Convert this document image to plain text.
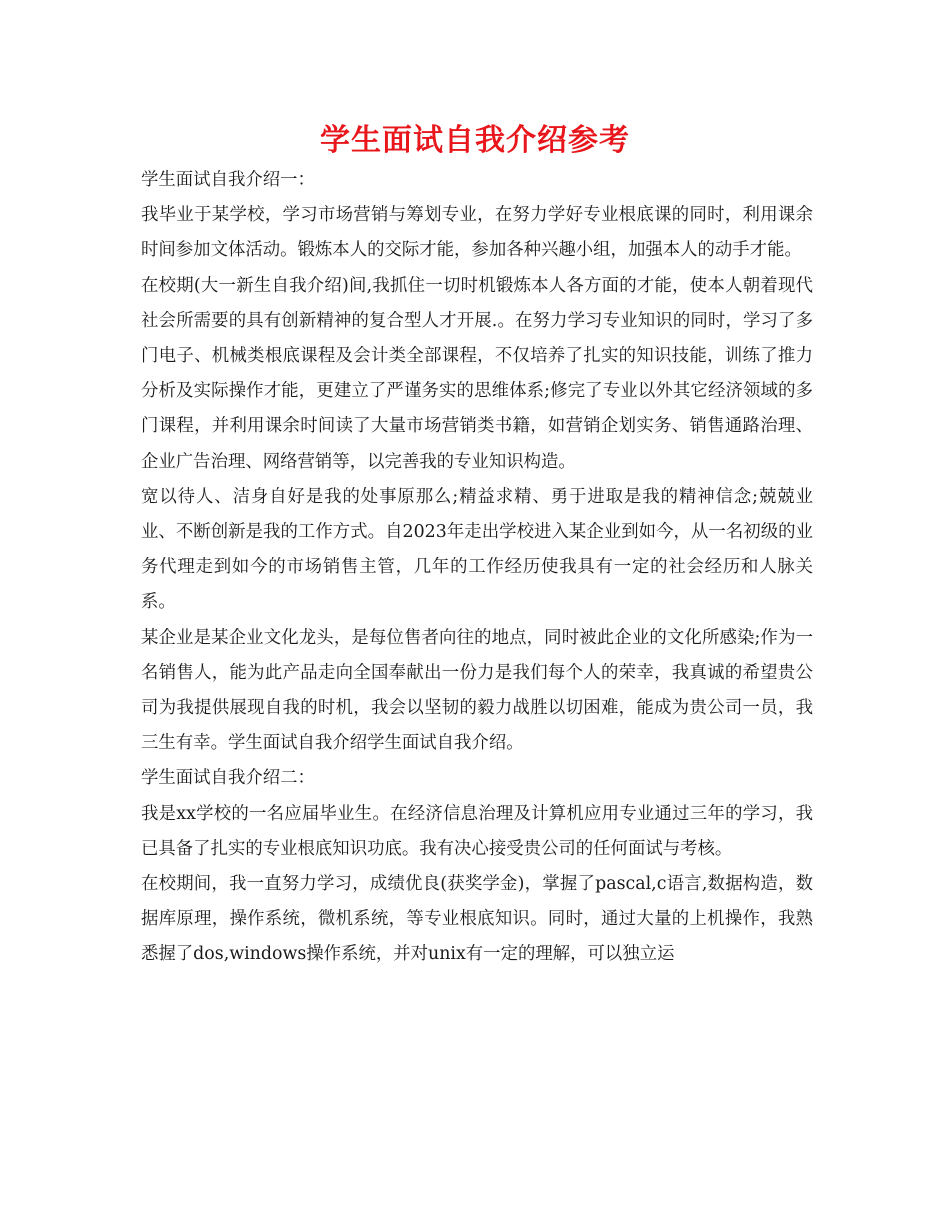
学生面试自我介绍参考

学生面试自我介绍一：

我毕业于某学校，学习市场营销与筹划专业，在努力学好专业根底课的同时，利用课余时间参加文体活动。锻炼本人的交际才能，参加各种兴趣小组，加强本人的动手才能。

在校期(大一新生自我介绍)间,我抓住一切时机锻炼本人各方面的才能，使本人朝着现代社会所需要的具有创新精神的复合型人才开展.。在努力学习专业知识的同时，学习了多门电子、机械类根底课程及会计类全部课程，不仅培养了扎实的知识技能，训练了推力分析及实际操作才能，更建立了严谨务实的思维体系;修完了专业以外其它经济领域的多门课程，并利用课余时间读了大量市场营销类书籍，如营销企划实务、销售通路治理、企业广告治理、网络营销等，以完善我的专业知识构造。

宽以待人、洁身自好是我的处事原那么;精益求精、勇于进取是我的精神信念;兢兢业业、不断创新是我的工作方式。自2023年走出学校进入某企业到如今，从一名初级的业务代理走到如今的市场销售主管，几年的工作经历使我具有一定的社会经历和人脉关系。

某企业是某企业文化龙头，是每位售者向往的地点，同时被此企业的文化所感染;作为一名销售人，能为此产品走向全国奉献出一份力是我们每个人的荣幸，我真诚的希望贵公司为我提供展现自我的时机，我会以坚韧的毅力战胜以切困难，能成为贵公司一员，我三生有幸。学生面试自我介绍学生面试自我介绍。

学生面试自我介绍二：

我是xx学校的一名应届毕业生。在经济信息治理及计算机应用专业通过三年的学习，我已具备了扎实的专业根底知识功底。我有决心接受贵公司的任何面试与考核。

在校期间，我一直努力学习，成绩优良(获奖学金)，掌握了pascal,c语言,数据构造，数据库原理，操作系统，微机系统，等专业根底知识。同时，通过大量的上机操作，我熟悉握了dos,windows操作系统，并对unix有一定的理解，可以独立运
